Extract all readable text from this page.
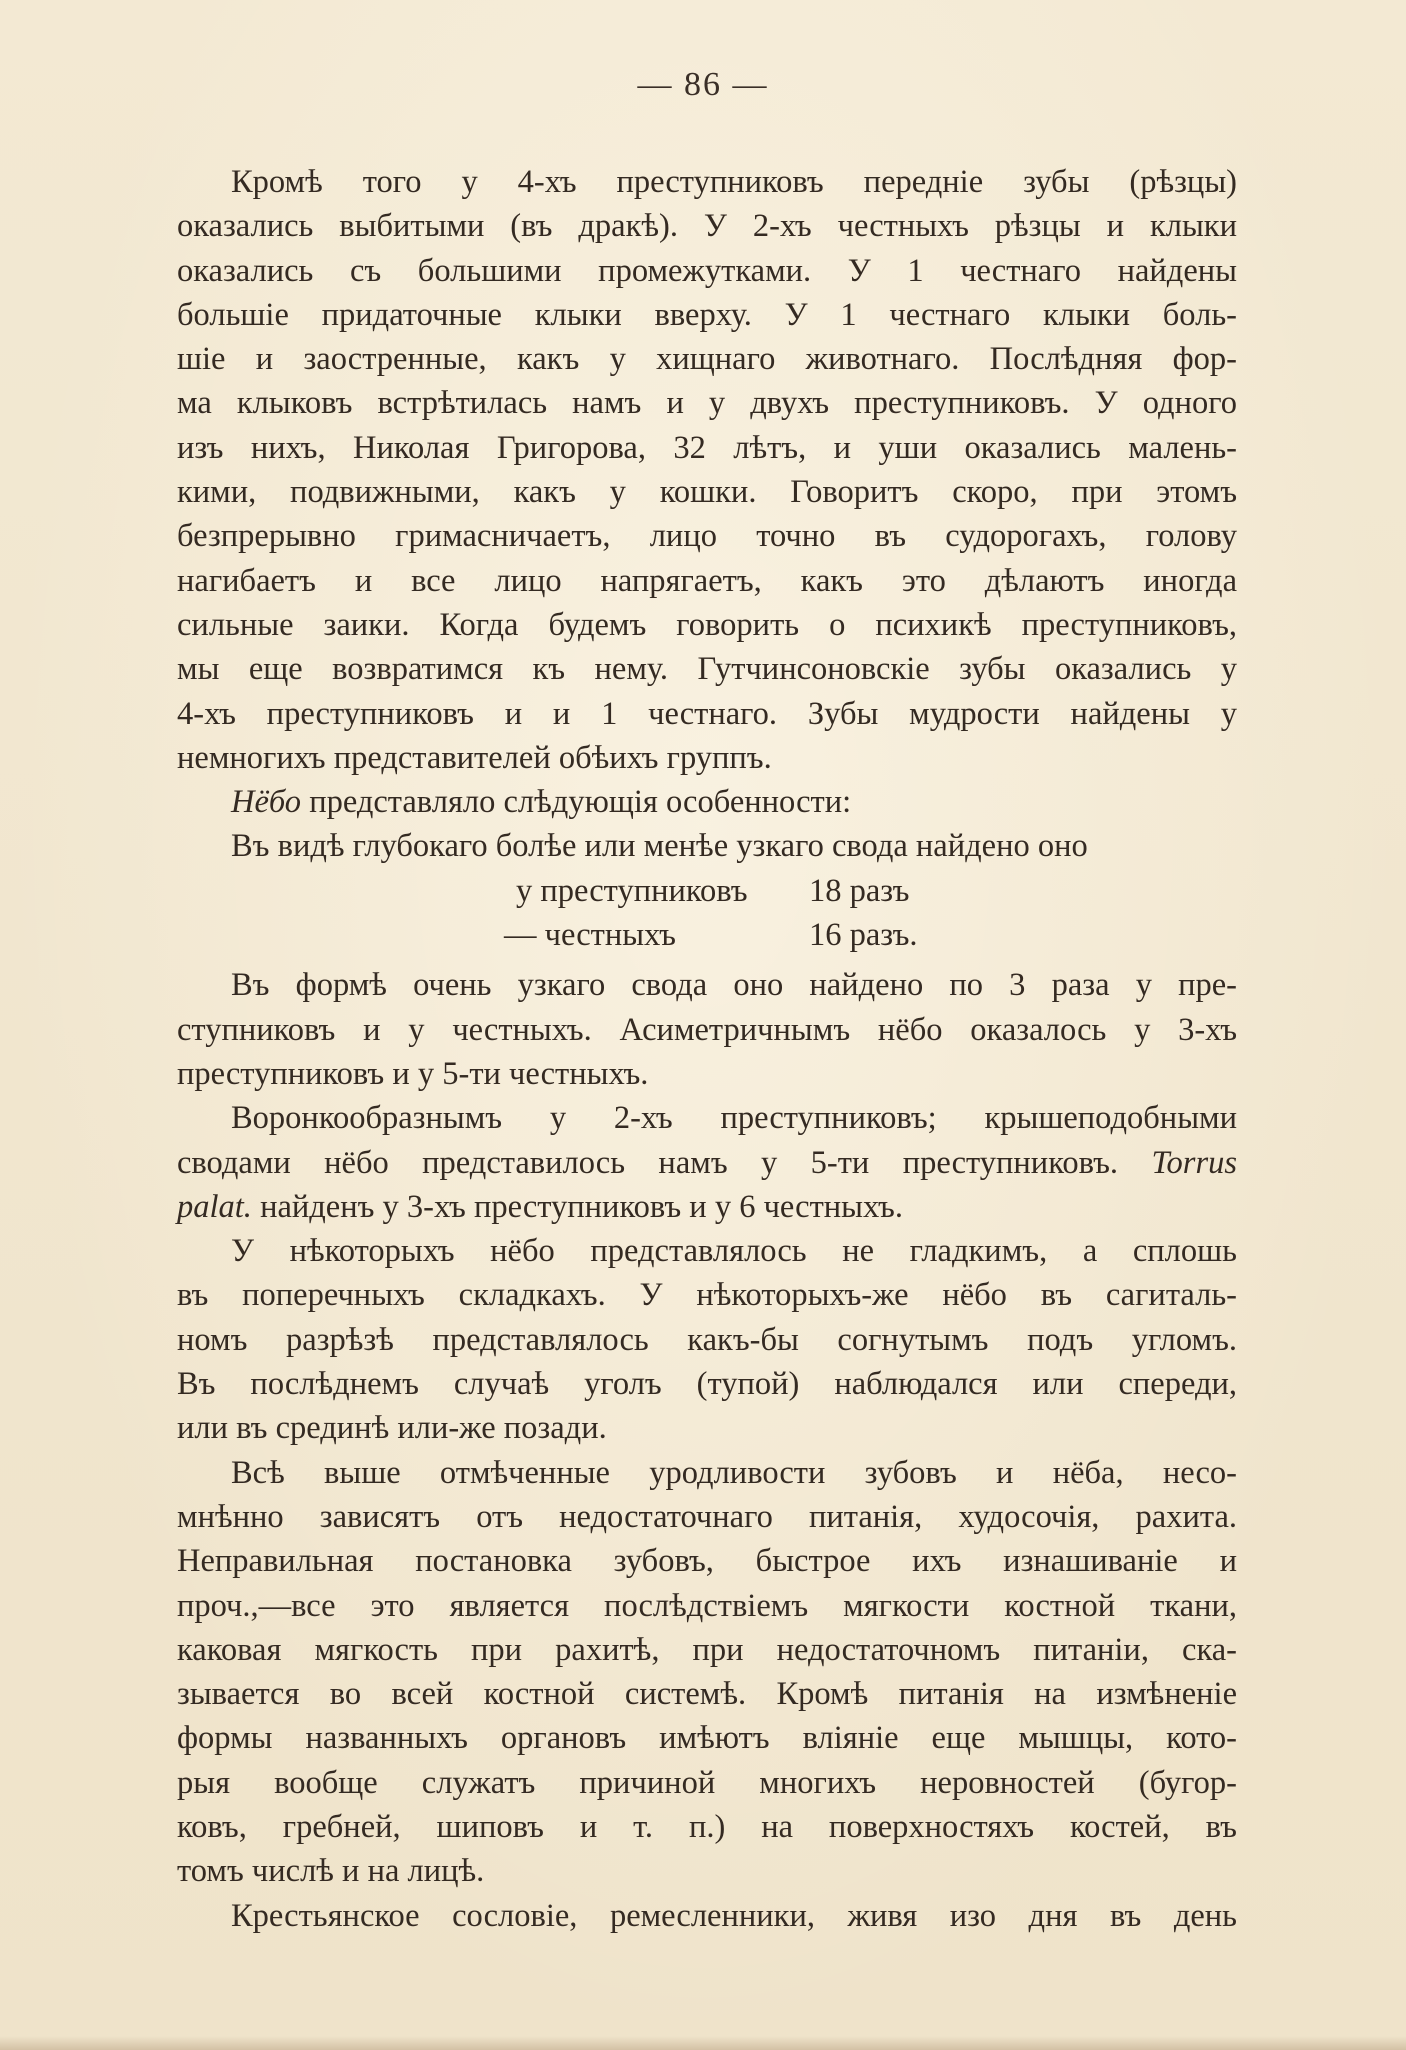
— 86 —
Кромѣ того у 4-хъ преступниковъ передніе зубы (рѣзцы)
оказались выбитыми (въ дракѣ). У 2-хъ честныхъ рѣзцы и клыки
оказались съ большими промежутками. У 1 честнаго найдены
большіе придаточные клыки вверху. У 1 честнаго клыки боль-
шіе и заостренные, какъ у хищнаго животнаго. Послѣдняя фор-
ма клыковъ встрѣтилась намъ и у двухъ преступниковъ. У одного
изъ нихъ, Николая Григорова, 32 лѣтъ, и уши оказались малень-
кими, подвижными, какъ у кошки. Говоритъ скоро, при этомъ
безпрерывно гримасничаетъ, лицо точно въ судорогахъ, голову
нагибаетъ и все лицо напрягаетъ, какъ это дѣлаютъ иногда
сильные заики. Когда будемъ говорить о психикѣ преступниковъ,
мы еще возвратимся къ нему. Гутчинсоновскіе зубы оказались у
4-хъ преступниковъ и и 1 честнаго. Зубы мудрости найдены у
немногихъ представителей обѣихъ группъ.
Нёбо представляло слѣдующія особенности:
Въ видѣ глубокаго болѣе или менѣе узкаго свода найдено оно
у преступниковъ 18 разъ
— честныхъ	16 разъ.
Въ формѣ очень узкаго свода оно найдено по 3 раза у пре-
ступниковъ и у честныхъ. Асиметричнымъ нёбо оказалось у 3-хъ
преступниковъ и у 5-ти честныхъ.
Воронкообразнымъ у 2-хъ преступниковъ; крышеподобными
сводами нёбо представилось намъ у 5-ти преступниковъ. Torrus
palat. найденъ у 3-хъ преступниковъ и у 6 честныхъ.
У нѣкоторыхъ нёбо представлялось не гладкимъ, а сплошь
въ поперечныхъ складкахъ. У нѣкоторыхъ-же нёбо въ сагиталь-
номъ разрѣзѣ представлялось какъ-бы согнутымъ подъ угломъ.
Въ послѣднемъ случаѣ уголъ (тупой) наблюдался или спереди,
или въ срединѣ или-же позади.
Всѣ выше отмѣченные уродливости зубовъ и нёба, несо-
мнѣнно зависятъ отъ недостаточнаго питанія, худосочія, рахита.
Неправильная постановка зубовъ, быстрое ихъ изнашиваніе и
проч.,—все это является послѣдствіемъ мягкости костной ткани,
каковая мягкость при рахитѣ, при недостаточномъ питаніи, ска-
зывается во всей костной системѣ. Кромѣ питанія на измѣненіе
формы названныхъ органовъ имѣютъ вліяніе еще мышцы, кото-
рыя вообще служатъ причиной многихъ неровностей (бугор-
ковъ, гребней, шиповъ и т. п.) на поверхностяхъ костей, въ
томъ числѣ и на лицѣ.
Крестьянское сословіе, ремесленники, живя изо дня въ день
